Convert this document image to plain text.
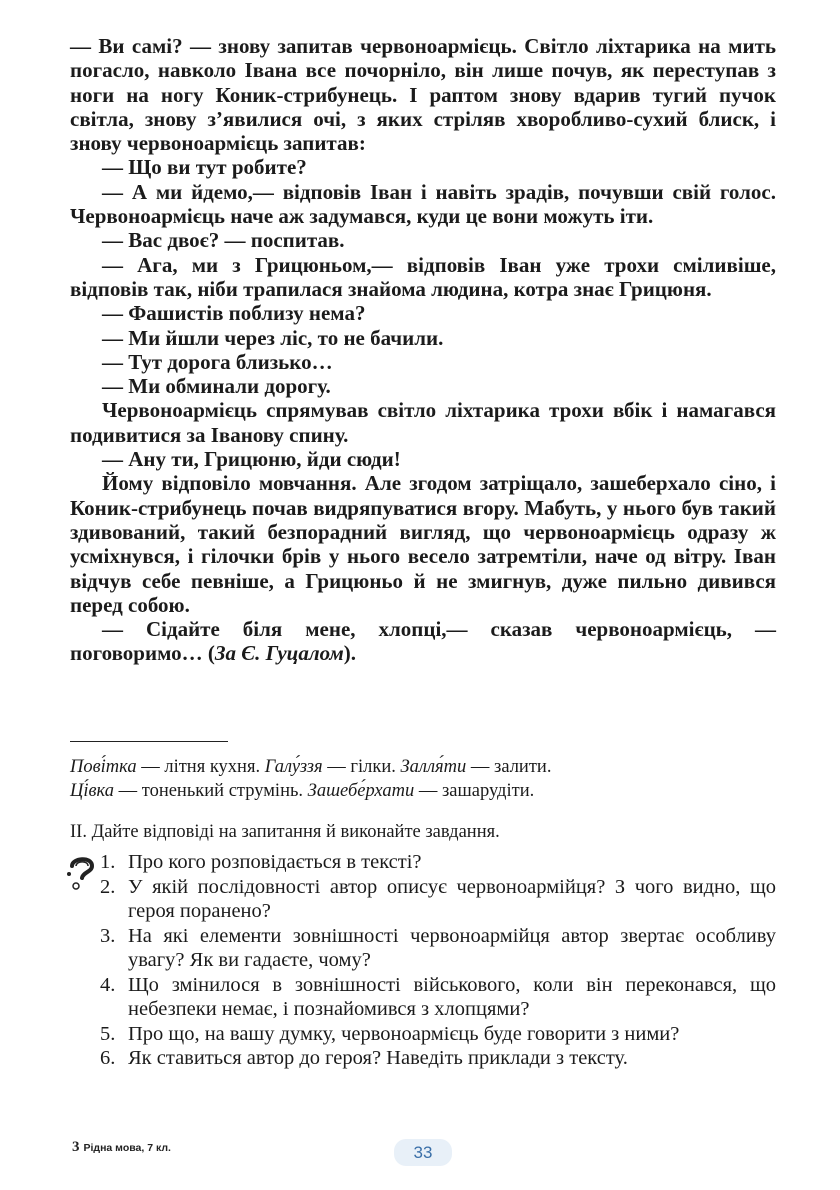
— Ви самі? — знову запитав червоноармієць. Світло ліхтарика на мить погасло, навколо Івана все почорніло, він лише почув, як переступав з ноги на ногу Коник-стрибунець. І раптом знову вдарив тугий пучок світла, знову з’явилися очі, з яких стріляв хворобливо-сухий блиск, і знову червоноармієць запитав:

— Що ви тут робите?

— А ми йдемо,— відповів Іван і навіть зрадів, почувши свій голос. Червоноармієць наче аж задумався, куди це вони можуть іти.

— Вас двоє? — поспитав.

— Ага, ми з Грицюньом,— відповів Іван уже трохи сміливіше, відповів так, ніби трапилася знайома людина, котра знає Грицюня.

— Фашистів поблизу нема?

— Ми йшли через ліс, то не бачили.

— Тут дорога близько…

— Ми обминали дорогу.

Червоноармієць спрямував світло ліхтарика трохи вбік і намагався подивитися за Іванову спину.

— Ану ти, Грицюню, йди сюди!

Йому відповіло мовчання. Але згодом затріщало, зашеберхало сіно, і Коник-стрибунець почав видряпуватися вгору. Мабуть, у нього був такий здивований, такий безпорадний вигляд, що червоноармієць одразу ж усміхнувся, і гілочки брів у нього весело затремтіли, наче од вітру. Іван відчув себе певніше, а Грицюньо й не змигнув, дуже пильно дивився перед собою.

— Сідайте біля мене, хлопці,— сказав червоноармієць, — поговоримо… (За Є. Гуцалом).

Пові́тка — літня кухня. Галу́ззя — гілки. Залля́ти — залити.

Ці́вка — тоненький струмінь. Зашебе́рхати — зашарудіти.

II. Дайте відповіді на запитання й виконайте завдання.
1. Про кого розповідається в тексті?
2. У якій послідовності автор описує червоноармійця? З чого видно, що героя поранено?
3. На які елементи зовнішності червоноармійця автор звертає особливу увагу? Як ви гадаєте, чому?
4. Що змінилося в зовнішності військового, коли він переконався, що небезпеки немає, і познайомився з хлопцями?
5. Про що, на вашу думку, червоноармієць буде говорити з ними?
6. Як ставиться автор до героя? Наведіть приклади з тексту.
3 Рідна мова, 7 кл.	33
